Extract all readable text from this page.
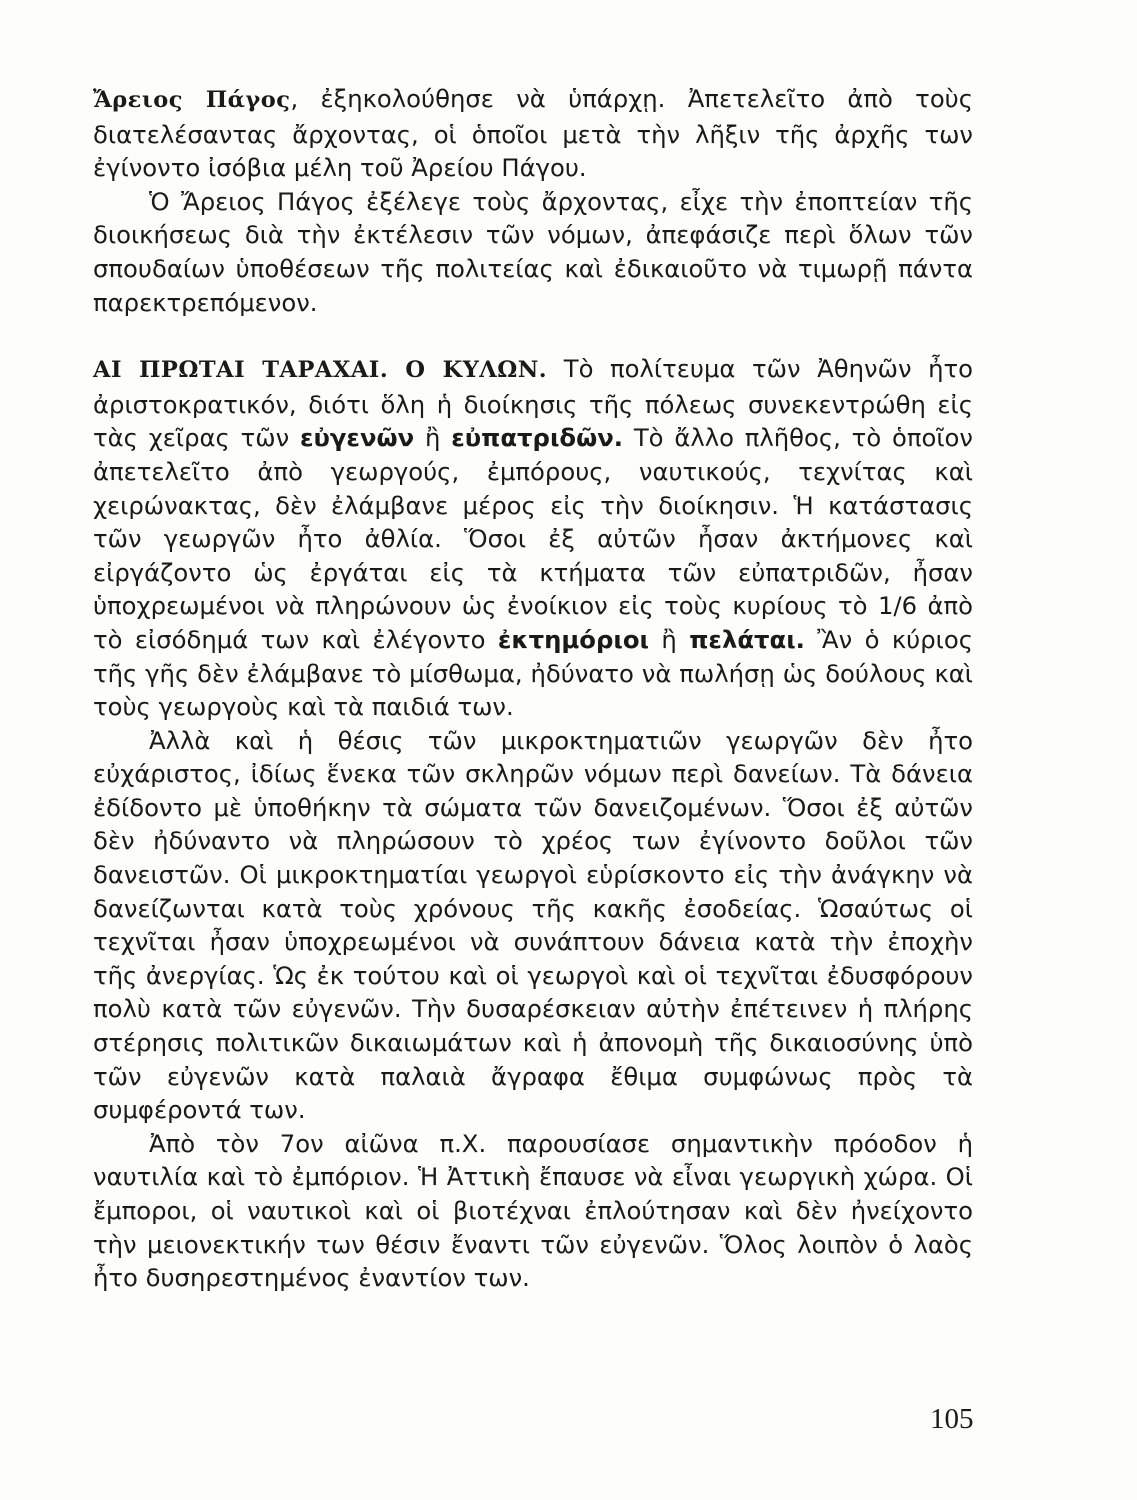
Ἄρειος Πάγος, ἐξηκολούθησε νὰ ὑπάρχῃ. Ἀπετελεῖτο ἀπὸ τοὺς διατελέσαντας ἄρχοντας, οἱ ὁποῖοι μετὰ τὴν λῆξιν τῆς ἀρχῆς των ἐγίνοντο ἰσόβια μέλη τοῦ Ἀρείου Πάγου.

Ὁ Ἄρειος Πάγος ἐξέλεγε τοὺς ἄρχοντας, εἶχε τὴν ἐποπτείαν τῆς διοικήσεως διὰ τὴν ἐκτέλεσιν τῶν νόμων, ἀπεφάσιζε περὶ ὅλων τῶν σπουδαίων ὑποθέσεων τῆς πολιτείας καὶ ἐδικαιοῦτο νὰ τιμωρῇ πάντα παρεκτρεπόμενον.

ΑΙ ΠΡΩΤΑΙ ΤΑΡΑΧΑΙ. Ο ΚΥΛΩΝ. Τὸ πολίτευμα τῶν Ἀθηνῶν ἦτο ἀριστοκρατικόν, διότι ὅλη ἡ διοίκησις τῆς πόλεως συνεκεντρώθη εἰς τὰς χεῖρας τῶν εὐγενῶν ἢ εὐπατριδῶν. Τὸ ἄλλο πλῆθος, τὸ ὁποῖον ἀπετελεῖτο ἀπὸ γεωργούς, ἐμπόρους, ναυτικούς, τεχνίτας καὶ χειρώνακτας, δὲν ἐλάμβανε μέρος εἰς τὴν διοίκησιν. Ἡ κατάστασις τῶν γεωργῶν ἦτο ἀθλία. Ὅσοι ἐξ αὐτῶν ἦσαν ἀκτήμονες καὶ εἰργάζοντο ὡς ἐργάται εἰς τὰ κτήματα τῶν εὐπατριδῶν, ἦσαν ὑποχρεωμένοι νὰ πληρώνουν ὡς ἐνοίκιον εἰς τοὺς κυρίους τὸ 1/6 ἀπὸ τὸ εἰσόδημά των καὶ ἐλέγοντο ἐκτημόριοι ἢ πελάται. Ἂν ὁ κύριος τῆς γῆς δὲν ἐλάμβανε τὸ μίσθωμα, ἠδύνατο νὰ πωλήσῃ ὡς δούλους καὶ τοὺς γεωργοὺς καὶ τὰ παιδιά των.

Ἀλλὰ καὶ ἡ θέσις τῶν μικροκτηματιῶν γεωργῶν δὲν ἦτο εὐχάριστος, ἰδίως ἕνεκα τῶν σκληρῶν νόμων περὶ δανείων. Τὰ δάνεια ἐδίδοντο μὲ ὑποθήκην τὰ σώματα τῶν δανειζομένων. Ὅσοι ἐξ αὐτῶν δὲν ἠδύναντο νὰ πληρώσουν τὸ χρέος των ἐγίνοντο δοῦλοι τῶν δανειστῶν. Οἱ μικροκτηματίαι γεωργοὶ εὑρίσκοντο εἰς τὴν ἀνάγκην νὰ δανείζωνται κατὰ τοὺς χρόνους τῆς κακῆς ἐσοδείας. Ὡσαύτως οἱ τεχνῖται ἦσαν ὑποχρεωμένοι νὰ συνάπτουν δάνεια κατὰ τὴν ἐποχὴν τῆς ἀνεργίας. Ὡς ἐκ τούτου καὶ οἱ γεωργοὶ καὶ οἱ τεχνῖται ἐδυσφόρουν πολὺ κατὰ τῶν εὐγενῶν. Τὴν δυσαρέσκειαν αὐτὴν ἐπέτεινεν ἡ πλήρης στέρησις πολιτικῶν δικαιωμάτων καὶ ἡ ἀπονομὴ τῆς δικαιοσύνης ὑπὸ τῶν εὐγενῶν κατὰ παλαιὰ ἄγραφα ἔθιμα συμφώνως πρὸς τὰ συμφέροντά των.

Ἀπὸ τὸν 7ον αἰῶνα π.Χ. παρουσίασε σημαντικὴν πρόοδον ἡ ναυτιλία καὶ τὸ ἐμπόριον. Ἡ Ἀττικὴ ἔπαυσε νὰ εἶναι γεωργικὴ χώρα. Οἱ ἔμποροι, οἱ ναυτικοὶ καὶ οἱ βιοτέχναι ἐπλούτησαν καὶ δὲν ἠνείχοντο τὴν μειονεκτικήν των θέσιν ἔναντι τῶν εὐγενῶν. Ὅλος λοιπὸν ὁ λαὸς ἦτο δυσηρεστημένος ἐναντίον των.

105
